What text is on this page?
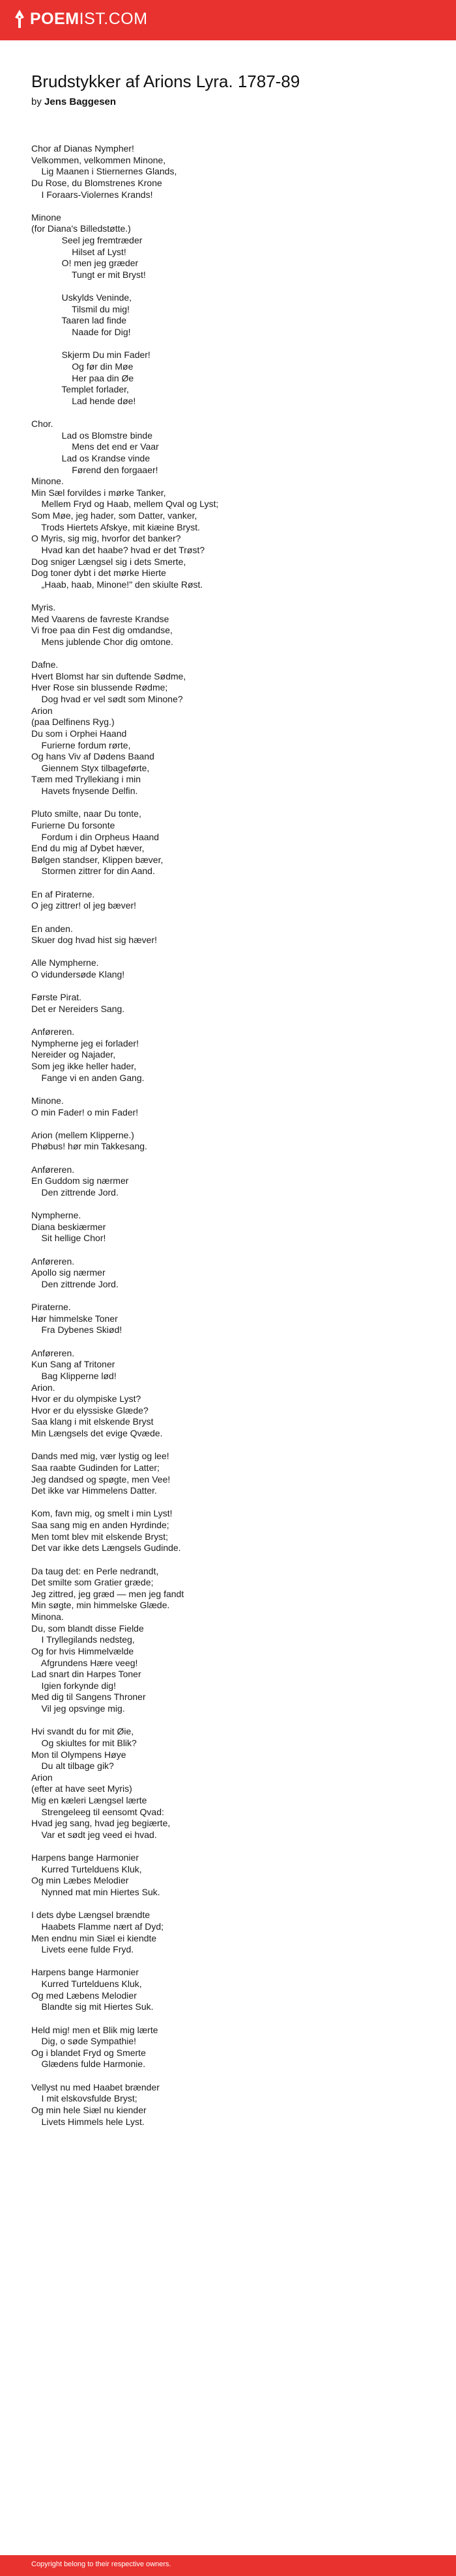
POEM IST.COM
Brudstykker af Arions Lyra. 1787-89
by Jens Baggesen
Chor af Dianas Nympher!
Velkommen, velkommen Minone,
Lig Maanen i Stiernernes Glands,
Du Rose, du Blomstrenes Krone
I Foraars-Violernes Krands!
Minone
(for Diana's Billedstøtte.)
Seel jeg fremtræder
Hilset af Lyst!
O! men jeg græder
Tungt er mit Bryst!
Uskylds Veninde,
Tilsmil du mig!
Taaren lad finde
Naade for Dig!
Skjerm Du min Fader!
Og før din Møe
Her paa din Øe
Templet forlader,
Lad hende døe!
Chor.
Lad os Blomstre binde
Mens det end er Vaar
Lad os Krandse vinde
Førend den forgaaer!
Minone.
Min Sæl forvildes i mørke Tanker,
Mellem Fryd og Haab, mellem Qval og Lyst;
Som Møe, jeg hader, som Datter, vanker,
Trods Hiertets Afskye, mit kiæine Bryst.
O Myris, sig mig, hvorfor det banker?
Hvad kan det haabe? hvad er det Trøst?
Dog sniger Længsel sig i dets Smerte,
Dog toner dybt i det mørke Hierte
„Haab, haab, Minone!" den skiulte Røst.
Myris.
Med Vaarens de favreste Krandse
Vi froe paa din Fest dig omdandse,
Mens jublende Chor dig omtone.
Dafne.
Hvert Blomst har sin duftende Sødme,
Hver Rose sin blussende Rødme;
Dog hvad er vel sødt som Minone?
Arion
(paa Delfinens Ryg.)
Du som i Orphei Haand
Furierne fordum rørte,
Og hans Viv af Dødens Baand
Giennem Styx tilbageførte,
Tæm med Tryllekiang i min
Havets fnysende Delfin.
Pluto smilte, naar Du tonte,
Furierne Du forsonte
Fordum i din Orpheus Haand
End du mig af Dybet hæver,
Bølgen standser, Klippen bæver,
Stormen zittrer for din Aand.
En af Piraterne.
O jeg zittrer! ol jeg bæver!
En anden.
Skuer dog hvad hist sig hæver!
Alle Nympherne.
O vidundersøde Klang!
Første Pirat.
Det er Nereiders Sang.
Anføreren.
Nympherne jeg ei forlader!
Nereider og Najader,
Som jeg ikke heller hader,
Fange vi en anden Gang.
Minone.
O min Fader! o min Fader!
Arion (mellem Klipperne.)
Phøbus! hør min Takkesang.
Anføreren.
En Guddom sig nærmer
Den zittrende Jord.
Nympherne.
Diana beskiærmer
Sit hellige Chor!
Anføreren.
Apollo sig nærmer
Den zittrende Jord.
Piraterne.
Hør himmelske Toner
Fra Dybenes Skiød!
Anføreren.
Kun Sang af Tritoner
Bag Klipperne lød!
Arion.
Hvor er du olympiske Lyst?
Hvor er du elyssiske Glæde?
Saa klang i mit elskende Bryst
Min Længsels det evige Qvæde.
Dands med mig, vær lystig og lee!
Saa raabte Gudinden for Latter;
Jeg dandsed og spøgte, men Vee!
Det ikke var Himmelens Datter.
Kom, favn mig, og smelt i min Lyst!
Saa sang mig en anden Hyrdinde;
Men tomt blev mit elskende Bryst;
Det var ikke dets Længsels Gudinde.
Da taug det: en Perle nedrandt,
Det smilte som Gratier græde;
Jeg zittred, jeg græd — men jeg fandt
Min søgte, min himmelske Glæde.
Minona.
Du, som blandt disse Fielde
I Tryllegilands nedsteg,
Og for hvis Himmelvælde
Afgrundens Hære veeg!
Lad snart din Harpes Toner
Igien forkynde dig!
Med dig til Sangens Throner
Vil jeg opsvinge mig.
Hvi svandt du for mit Øie,
Og skiultes for mit Blik?
Mon til Olympens Høye
Du alt tilbage gik?
Arion
(efter at have seet Myris)
Mig en kæleri Længsel lærte
Strengeleeg til eensomt Qvad:
Hvad jeg sang, hvad jeg begiærte,
Var et sødt jeg veed ei hvad.
Harpens bange Harmonier
Kurred Turtelduens Kluk,
Og min Læbes Melodier
Nynned mat min Hiertes Suk.
I dets dybe Længsel brændte
Haabets Flamme nært af Dyd;
Men endnu min Siæl ei kiendte
Livets eene fulde Fryd.
Harpens bange Harmonier
Kurred Turtelduens Kluk,
Og med Læbens Melodier
Blandte sig mit Hiertes Suk.
Held mig! men et Blik mig lærte
Dig, o søde Sympathie!
Og i blandet Fryd og Smerte
Glædens fulde Harmonie.
Vellyst nu med Haabet brænder
I mit elskovsfulde Bryst;
Og min hele Siæl nu kiender
Livets Himmels hele Lyst.
Copyright belong to their respective owners.
